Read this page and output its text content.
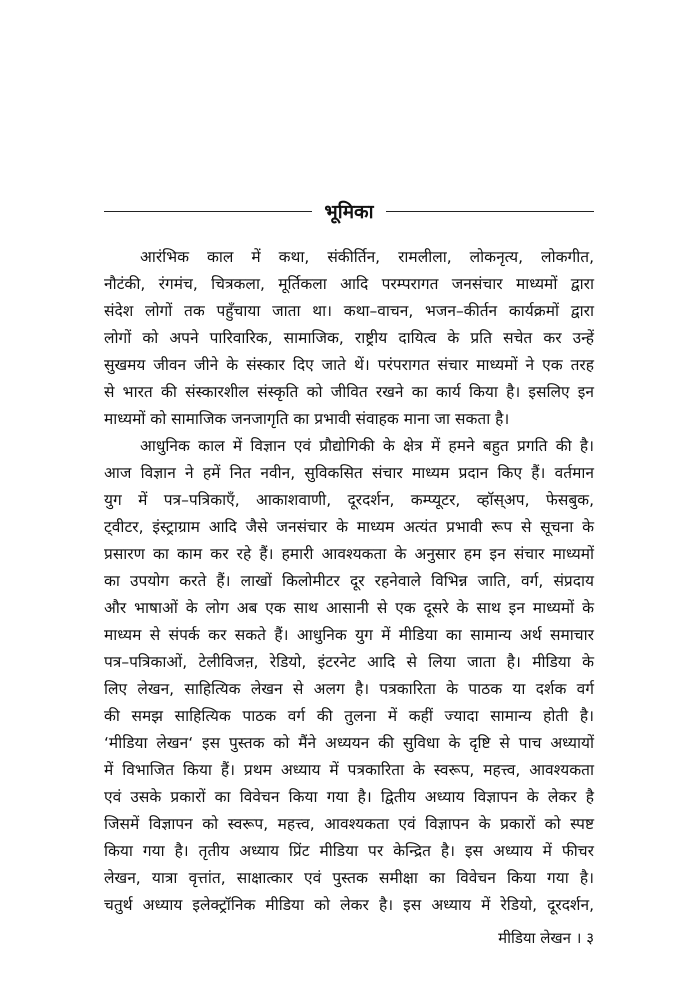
भूमिका
आरंभिक काल में कथा, संकीर्तिन, रामलीला, लोकनृत्य, लोकगीत,
नौटंकी, रंगमंच, चित्रकला, मूर्तिकला आदि परम्परागत जनसंचार माध्यमों द्वारा
संदेश लोगों तक पहुँचाया जाता था। कथा–वाचन, भजन–कीर्तन कार्यक्रमों द्वारा
लोगों को अपने पारिवारिक, सामाजिक, राष्ट्रीय दायित्व के प्रति सचेत कर उन्हें
सुखमय जीवन जीने के संस्कार दिए जाते थें। परंपरागत संचार माध्यमों ने एक तरह
से भारत की संस्कारशील संस्कृति को जीवित रखने का कार्य किया है। इसलिए इन
माध्यमों को सामाजिक जनजागृति का प्रभावी संवाहक माना जा सकता है।
आधुनिक काल में विज्ञान एवं प्रौद्योगिकी के क्षेत्र में हमने बहुत प्रगति की है।
आज विज्ञान ने हमें नित नवीन, सुविकसित संचार माध्यम प्रदान किए हैं। वर्तमान
युग में पत्र–पत्रिकाएँ, आकाशवाणी, दूरदर्शन, कम्प्यूटर, व्हॉस्अप, फेसबुक,
ट्वीटर, इंस्ट्राग्राम आदि जैसे जनसंचार के माध्यम अत्यंत प्रभावी रूप से सूचना के
प्रसारण का काम कर रहे हैं। हमारी आवश्यकता के अनुसार हम इन संचार माध्यमों
का उपयोग करते हैं। लाखों किलोमीटर दूर रहनेवाले विभिन्न जाति, वर्ग, संप्रदाय
और भाषाओं के लोग अब एक साथ आसानी से एक दूसरे के साथ इन माध्यमों के
माध्यम से संपर्क कर सकते हैं। आधुनिक युग में मीडिया का सामान्य अर्थ समाचार
पत्र–पत्रिकाओं, टेलीविजऩ, रेडियो, इंटरनेट आदि से लिया जाता है। मीडिया के
लिए लेखन, साहित्यिक लेखन से अलग है। पत्रकारिता के पाठक या दर्शक वर्ग
की समझ साहित्यिक पाठक वर्ग की तुलना में कहीं ज्यादा सामान्य होती है।
‘मीडिया लेखन‘ इस पुस्तक को मैंने अध्ययन की सुविधा के दृष्टि से पाच अध्यायों
में विभाजित किया हैं। प्रथम अध्याय में पत्रकारिता के स्वरूप, महत्त्व, आवश्यकता
एवं उसके प्रकारों का विवेचन किया गया है। द्वितीय अध्याय विज्ञापन के लेकर है
जिसमें विज्ञापन को स्वरूप, महत्त्व, आवश्यकता एवं विज्ञापन के प्रकारों को स्पष्ट
किया गया है। तृतीय अध्याय प्रिंट मीडिया पर केन्द्रित है। इस अध्याय में फीचर
लेखन, यात्रा वृत्तांत, साक्षात्कार एवं पुस्तक समीक्षा का विवेचन किया गया है।
चतुर्थ अध्याय इलेक्ट्रॉनिक मीडिया को लेकर है। इस अध्याय में रेडियो, दूरदर्शन,
मीडिया लेखन । ३
